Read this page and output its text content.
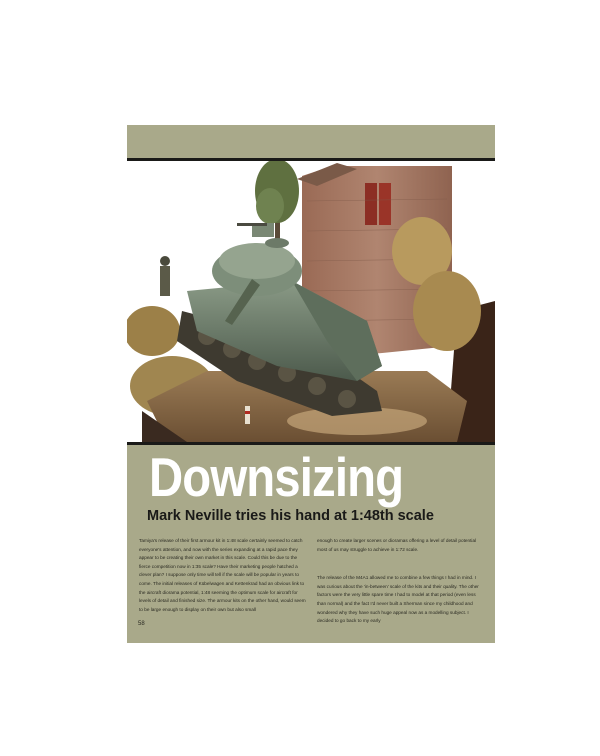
Downsizing
Mark Neville tries his hand at 1:48th scale

Tamiya's release of their first armour kit in 1:48 scale certainly seemed to catch everyone's attention, and now with the series expanding at a rapid pace they appear to be creating their own market in this scale. Could this be due to the fierce competition now in 1:35 scale? Have their marketing people hatched a clever plan? I suppose only time will tell if the scale will be popular in years to come. The initial releases of Kübelwagen and Kettenkrad had an obvious link to the aircraft diorama potential, 1:48 seeming the optimum scale for aircraft for levels of detail and finished size. The armour kits on the other hand, would seem to be large enough to display on their own but also small

enough to create larger scenes or dioramas offering a level of detail potential most of us may struggle to achieve in 1:72 scale.

The release of the M4A1 allowed me to combine a few things I had in mind. I was curious about the 'in-between' scale of the kits and their quality. The other factors were the very little spare time I had to model at that period (even less than normal) and the fact I'd never built a Sherman since my childhood and wondered why they have such huge appeal now as a modelling subject. I decided to go back to my early

58
